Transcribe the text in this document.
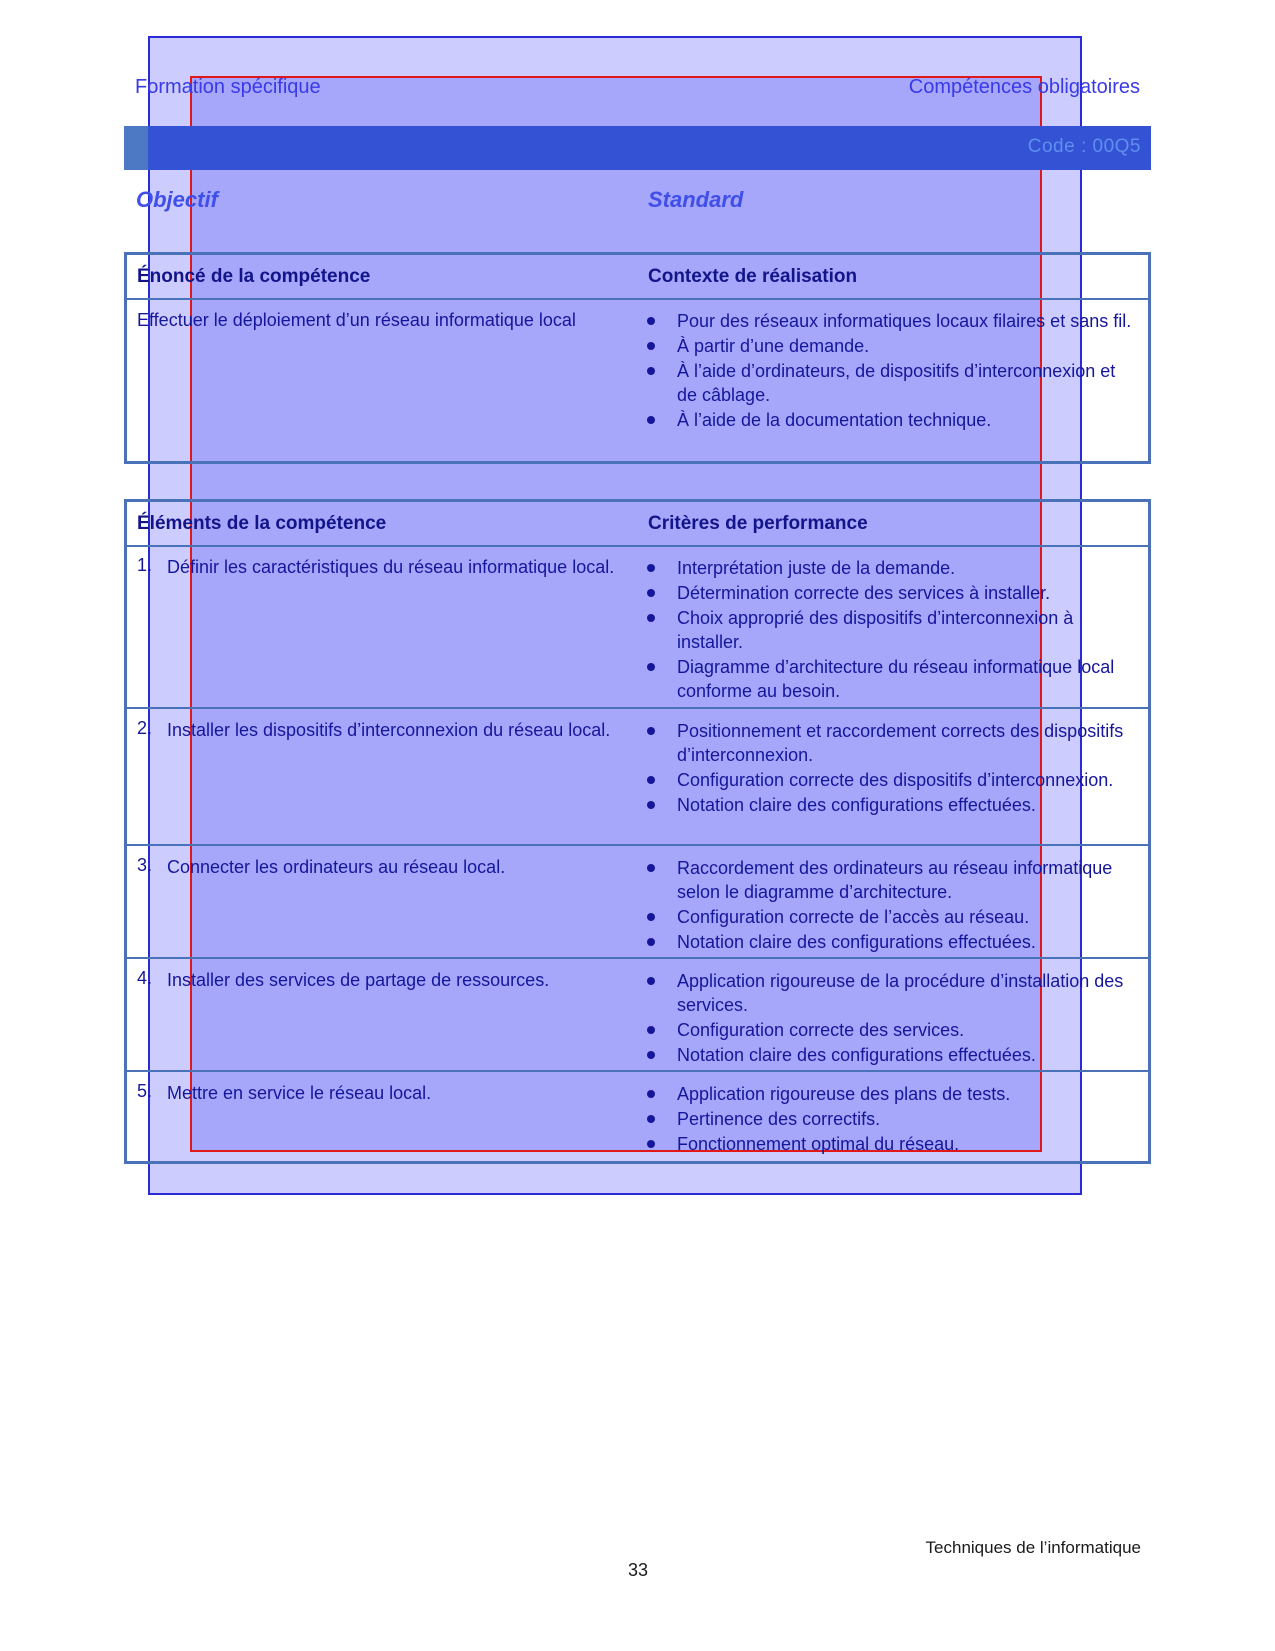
Formation spécifique	Compétences obligatoires
Code : 00Q5
Objectif	Standard
Énoncé de la compétence	Contexte de réalisation
Effectuer le déploiement d’un réseau informatique local	Pour des réseaux informatiques locaux filaires et sans fil.
À partir d’une demande.
À l’aide d’ordinateurs, de dispositifs d’interconnexion et de câblage.
À l’aide de la documentation technique.
Éléments de la compétence	Critères de performance
1. Définir les caractéristiques du réseau informatique local.	Interprétation juste de la demande.
Détermination correcte des services à installer.
Choix approprié des dispositifs d’interconnexion à installer.
Diagramme d’architecture du réseau informatique local conforme au besoin.
2. Installer les dispositifs d’interconnexion du réseau local.	Positionnement et raccordement corrects des dispositifs d’interconnexion.
Configuration correcte des dispositifs d’interconnexion.
Notation claire des configurations effectuées.
3. Connecter les ordinateurs au réseau local.	Raccordement des ordinateurs au réseau informatique selon le diagramme d’architecture.
Configuration correcte de l’accès au réseau.
Notation claire des configurations effectuées.
4. Installer des services de partage de ressources.	Application rigoureuse de la procédure d’installation des services.
Configuration correcte des services.
Notation claire des configurations effectuées.
5. Mettre en service le réseau local.	Application rigoureuse des plans de tests.
Pertinence des correctifs.
Fonctionnement optimal du réseau.
Techniques de l’informatique
33
